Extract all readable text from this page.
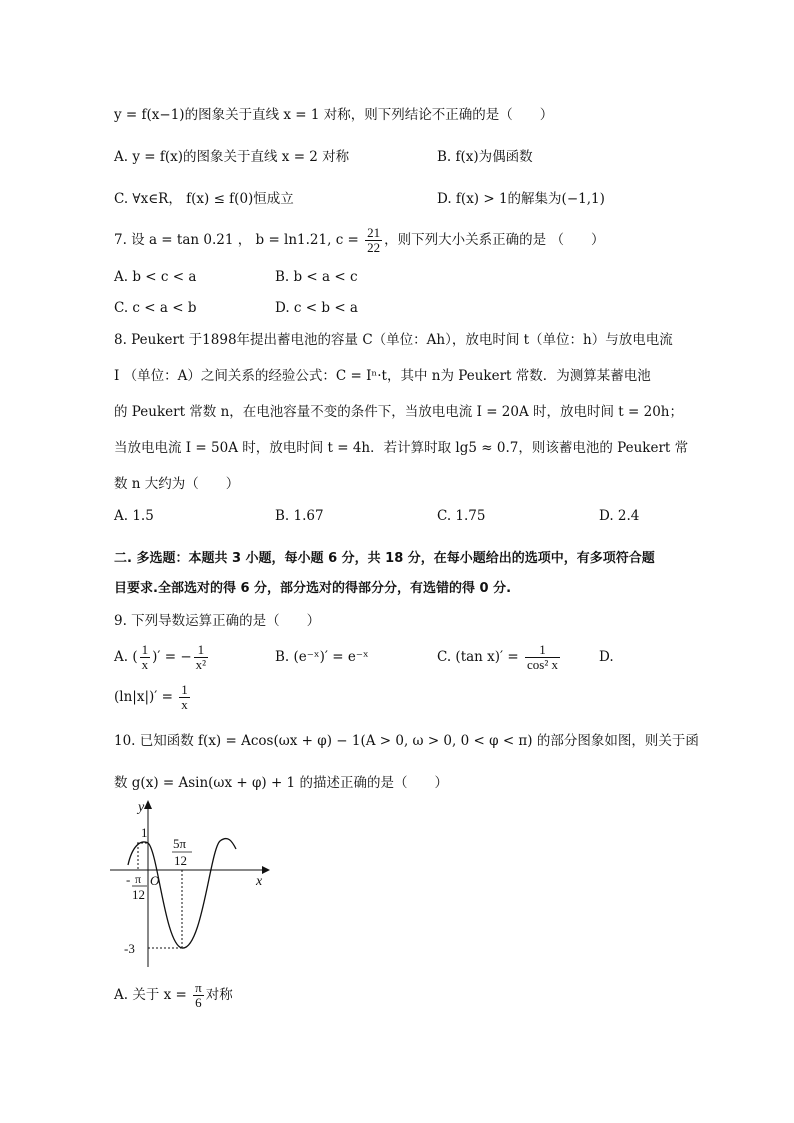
y = f(x−1)的图象关于直线 x = 1 对称，则下列结论不正确的是（　　）
A. y = f(x)的图象关于直线 x = 2 对称	B. f(x)为偶函数
C. ∀x∈R， f(x) ≤ f(0)恒成立	D. f(x) > 1的解集为(−1,1)
7. 设 a = tan 0.21 ， b = ln1.21, $c = \frac{21}{22}$ ，则下列大小关系正确的是 （　　）
A. b < c < a	B. b < a < c
C. c < a < b	D. c < b < a
8. Peukert 于1898年提出蓄电池的容量 C（单位：Ah），放电时间 t（单位：h）与放电电流
I （单位：A）之间关系的经验公式：C = Iⁿ·t，其中 n为 Peukert 常数．为测算某蓄电池
的 Peukert 常数 n，在电池容量不变的条件下，当放电电流 I = 20A 时，放电时间 t = 20h；
当放电电流 I = 50A 时，放电时间 t = 4h．若计算时取 lg5 ≈ 0.7，则该蓄电池的 Peukert 常
数 n 大约为（　　）
A. 1.5	B. 1.67	C. 1.75	D. 2.4
二. 多选题：本题共 3 小题，每小题 6 分，共 18 分，在每小题给出的选项中，有多项符合题
目要求.全部选对的得 6 分，部分选对的得部分分，有选错的得 0 分.
9. 下列导数运算正确的是（　　）
A. ( $\frac{1}{x}$ )′ = − $\frac{1}{\text{x²}}$	B. (e⁻ˣ)′ = e⁻ˣ	C. (tan $x)' = \frac{1}{\text{cos² x}}$	D.
$(\ln|x|)' = \frac{1}{x}$
10. 已知函数 f(x) = Acos(ωx + φ) − 1(A > 0, ω > 0, 0 < φ < π) 的部分图象如图，则关于函
数 g(x) = Asin(ωx + φ) + 1 的描述正确的是（　　）
y
x
O
1
-3
5π
12
- π
12
A. 关于 $x = \frac{\pi}{6}$ 对称
